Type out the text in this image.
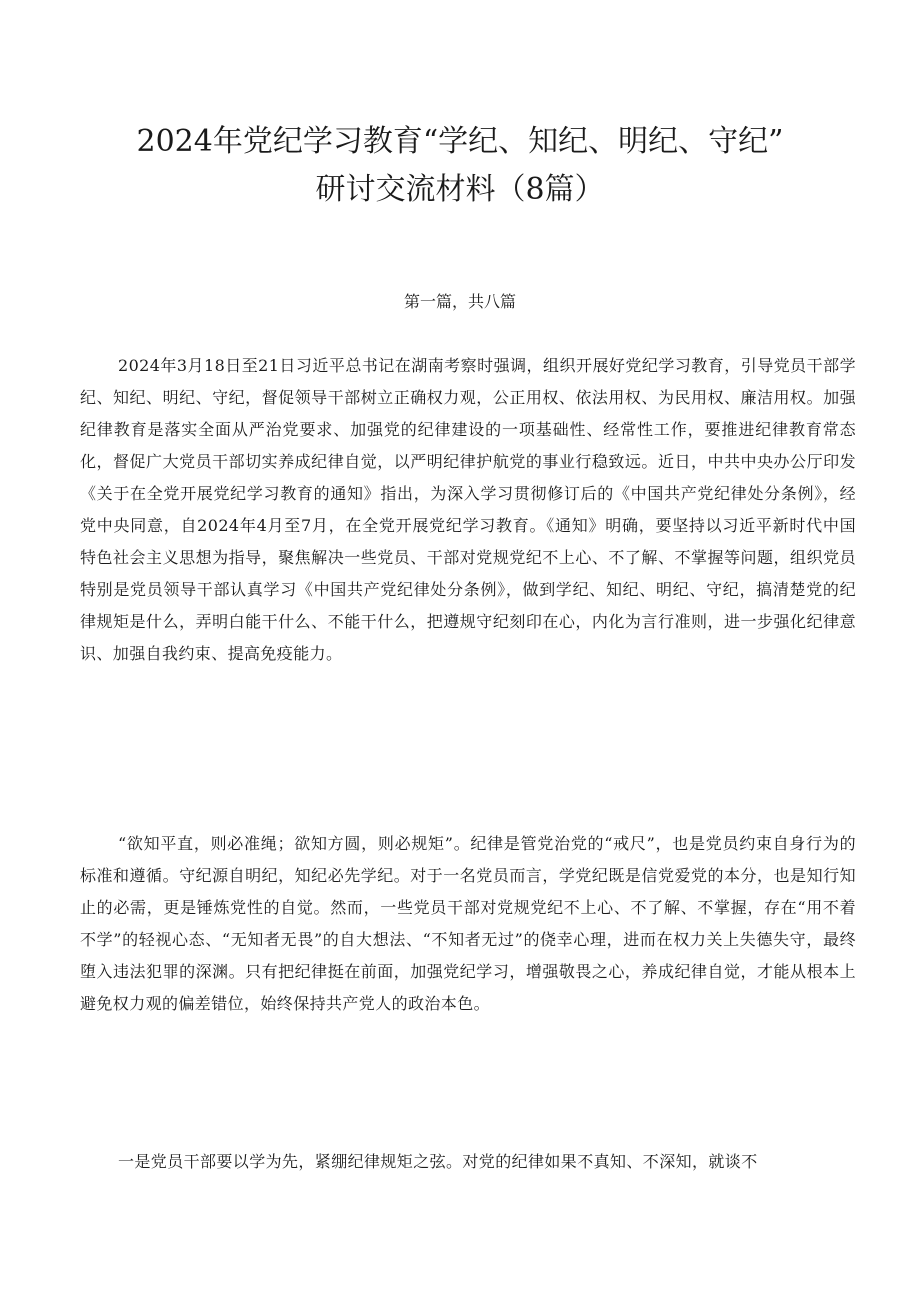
2024年党纪学习教育“学纪、知纪、明纪、守纪”
研讨交流材料（8篇）

第一篇，共八篇

2024年3月18日至21日习近平总书记在湖南考察时强调，组织开展好党纪学习教育，引导党员干部学纪、知纪、明纪、守纪，督促领导干部树立正确权力观，公正用权、依法用权、为民用权、廉洁用权。加强纪律教育是落实全面从严治党要求、加强党的纪律建设的一项基础性、经常性工作，要推进纪律教育常态化，督促广大党员干部切实养成纪律自觉，以严明纪律护航党的事业行稳致远。近日，中共中央办公厅印发《关于在全党开展党纪学习教育的通知》指出，为深入学习贯彻修订后的《中国共产党纪律处分条例》，经党中央同意，自2024年4月至7月，在全党开展党纪学习教育。《通知》明确，要坚持以习近平新时代中国特色社会主义思想为指导，聚焦解决一些党员、干部对党规党纪不上心、不了解、不掌握等问题，组织党员特别是党员领导干部认真学习《中国共产党纪律处分条例》，做到学纪、知纪、明纪、守纪，搞清楚党的纪律规矩是什么，弄明白能干什么、不能干什么，把遵规守纪刻印在心，内化为言行准则，进一步强化纪律意识、加强自我约束、提高免疫能力。

“欲知平直，则必准绳；欲知方圆，则必规矩”。纪律是管党治党的“戒尺”，也是党员约束自身行为的标准和遵循。守纪源自明纪，知纪必先学纪。对于一名党员而言，学党纪既是信党爱党的本分，也是知行知止的必需，更是锤炼党性的自觉。然而，一些党员干部对党规党纪不上心、不了解、不掌握，存在“用不着不学”的轻视心态、“无知者无畏”的自大想法、“不知者无过”的侥幸心理，进而在权力关上失德失守，最终堕入违法犯罪的深渊。只有把纪律挺在前面，加强党纪学习，增强敬畏之心，养成纪律自觉，才能从根本上避免权力观的偏差错位，始终保持共产党人的政治本色。

一是党员干部要以学为先，紧绷纪律规矩之弦。对党的纪律如果不真知、不深知，就谈不
